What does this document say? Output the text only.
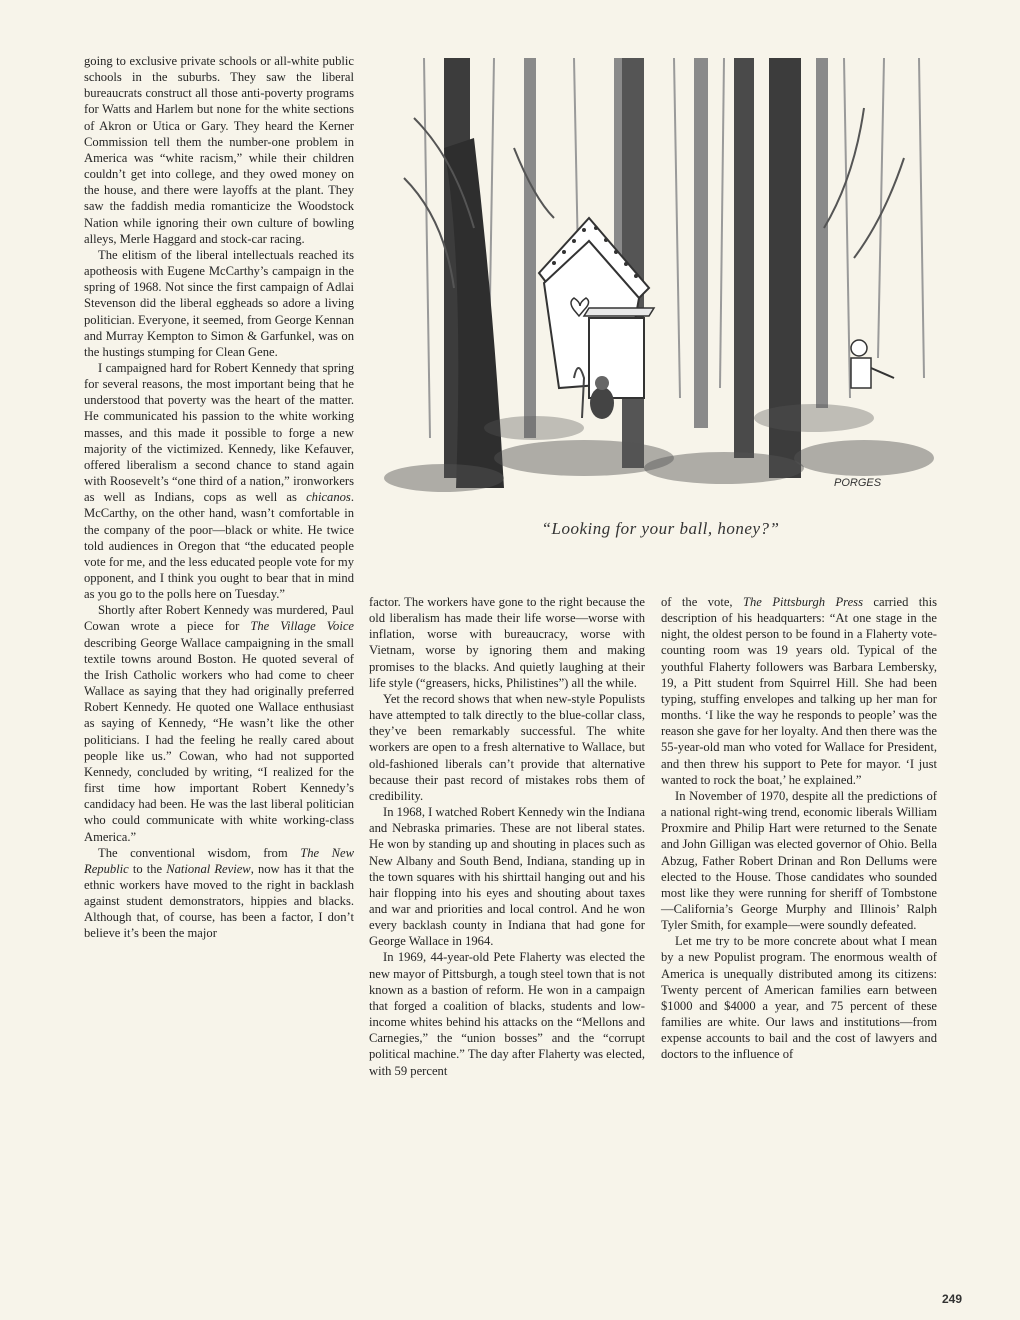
going to exclusive private schools or all-white public schools in the suburbs. They saw the liberal bureaucrats construct all those anti-poverty programs for Watts and Harlem but none for the white sections of Akron or Utica or Gary. They heard the Kerner Commission tell them the number-one problem in America was “white racism,” while their children couldn’t get into college, and they owed money on the house, and there were layoffs at the plant. They saw the faddish media romanticize the Woodstock Nation while ignoring their own culture of bowling alleys, Merle Haggard and stock-car racing.

The elitism of the liberal intellectuals reached its apotheosis with Eugene McCarthy’s campaign in the spring of 1968. Not since the first campaign of Adlai Stevenson did the liberal eggheads so adore a living politician. Everyone, it seemed, from George Kennan and Murray Kempton to Simon & Garfunkel, was on the hustings stumping for Clean Gene.

I campaigned hard for Robert Kennedy that spring for several reasons, the most important being that he understood that poverty was the heart of the matter. He communicated his passion to the white working masses, and this made it possible to forge a new majority of the victimized. Kennedy, like Kefauver, offered liberalism a second chance to stand again with Roosevelt’s “one third of a nation,” ironworkers as well as Indians, cops as well as chicanos. McCarthy, on the other hand, wasn’t comfortable in the company of the poor—black or white. He twice told audiences in Oregon that “the educated people vote for me, and the less educated people vote for my opponent, and I think you ought to bear that in mind as you go to the polls here on Tuesday.”

Shortly after Robert Kennedy was murdered, Paul Cowan wrote a piece for The Village Voice describing George Wallace campaigning in the small textile towns around Boston. He quoted several of the Irish Catholic workers who had come to cheer Wallace as saying that they had originally preferred Robert Kennedy. He quoted one Wallace enthusiast as saying of Kennedy, “He wasn’t like the other politicians. I had the feeling he really cared about people like us.” Cowan, who had not supported Kennedy, concluded by writing, “I realized for the first time how important Robert Kennedy’s candidacy had been. He was the last liberal politician who could communicate with white working-class America.”

The conventional wisdom, from The New Republic to the National Review, now has it that the ethnic workers have moved to the right in backlash against student demonstrators, hippies and blacks. Although that, of course, has been a factor, I don’t believe it’s been the major

PORGES
“Looking for your ball, honey?”

factor. The workers have gone to the right because the old liberalism has made their life worse—worse with inflation, worse with bureaucracy, worse with Vietnam, worse by ignoring them and making promises to the blacks. And quietly laughing at their life style (“greasers, hicks, Philistines”) all the while.

Yet the record shows that when new-style Populists have attempted to talk directly to the blue-collar class, they’ve been remarkably successful. The white workers are open to a fresh alternative to Wallace, but old-fashioned liberals can’t provide that alternative because their past record of mistakes robs them of credibility.

In 1968, I watched Robert Kennedy win the Indiana and Nebraska primaries. These are not liberal states. He won by standing up and shouting in places such as New Albany and South Bend, Indiana, standing up in the town squares with his shirttail hanging out and his hair flopping into his eyes and shouting about taxes and war and priorities and local control. And he won every backlash county in Indiana that had gone for George Wallace in 1964.

In 1969, 44-year-old Pete Flaherty was elected the new mayor of Pittsburgh, a tough steel town that is not known as a bastion of reform. He won in a campaign that forged a coalition of blacks, students and low-income whites behind his attacks on the “Mellons and Carnegies,” the “union bosses” and the “corrupt political machine.” The day after Flaherty was elected, with 59 percent

of the vote, The Pittsburgh Press carried this description of his headquarters: “At one stage in the night, the oldest person to be found in a Flaherty vote-counting room was 19 years old. Typical of the youthful Flaherty followers was Barbara Lembersky, 19, a Pitt student from Squirrel Hill. She had been typing, stuffing envelopes and talking up her man for months. ‘I like the way he responds to people’ was the reason she gave for her loyalty. And then there was the 55-year-old man who voted for Wallace for President, and then threw his support to Pete for mayor. ‘I just wanted to rock the boat,’ he explained.”

In November of 1970, despite all the predictions of a national right-wing trend, economic liberals William Proxmire and Philip Hart were returned to the Senate and John Gilligan was elected governor of Ohio. Bella Abzug, Father Robert Drinan and Ron Dellums were elected to the House. Those candidates who sounded most like they were running for sheriff of Tombstone—California’s George Murphy and Illinois’ Ralph Tyler Smith, for example—were soundly defeated.

Let me try to be more concrete about what I mean by a new Populist program. The enormous wealth of America is unequally distributed among its citizens: Twenty percent of American families earn between $1000 and $4000 a year, and 75 percent of these families are white. Our laws and institutions—from expense accounts to bail and the cost of lawyers and doctors to the influence of

249
